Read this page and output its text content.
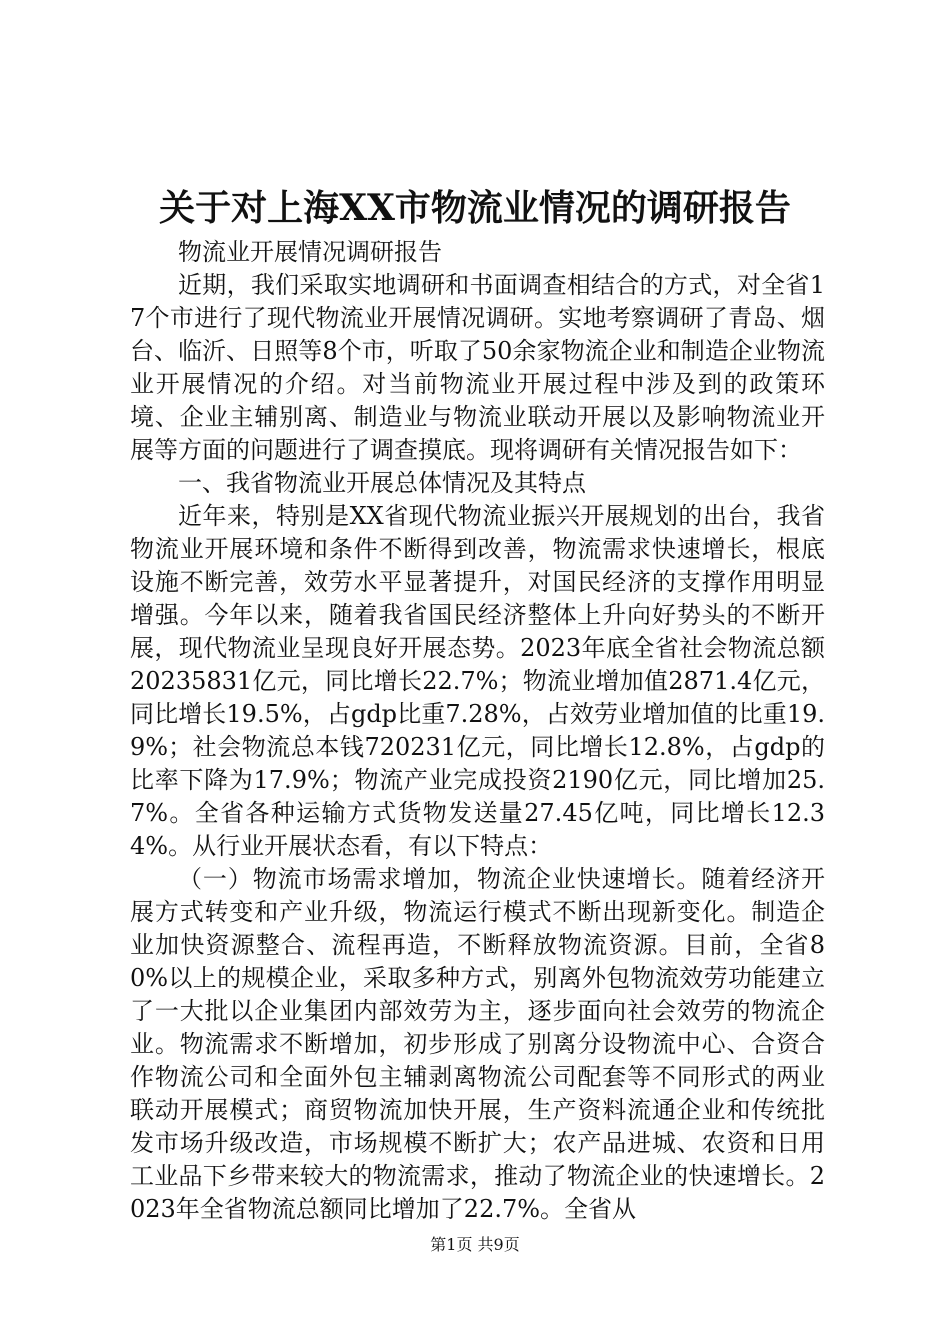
关于对上海XX市物流业情况的调研报告

物流业开展情况调研报告

近期，我们采取实地调研和书面调查相结合的方式，对全省17个市进行了现代物流业开展情况调研。实地考察调研了青岛、烟台、临沂、日照等8个市，听取了50余家物流企业和制造企业物流业开展情况的介绍。对当前物流业开展过程中涉及到的政策环境、企业主辅别离、制造业与物流业联动开展以及影响物流业开展等方面的问题进行了调查摸底。现将调研有关情况报告如下：

一、我省物流业开展总体情况及其特点

近年来，特别是XX省现代物流业振兴开展规划的出台，我省物流业开展环境和条件不断得到改善，物流需求快速增长，根底设施不断完善，效劳水平显著提升，对国民经济的支撑作用明显增强。今年以来，随着我省国民经济整体上升向好势头的不断开展，现代物流业呈现良好开展态势。2023年底全省社会物流总额20235831亿元，同比增长22.7%；物流业增加值2871.4亿元，同比增长19.5%，占gdp比重7.28%，占效劳业增加值的比重19.9%；社会物流总本钱720231亿元，同比增长12.8%，占gdp的比率下降为17.9%；物流产业完成投资2190亿元，同比增加25.7%。全省各种运输方式货物发送量27.45亿吨，同比增长12.34%。从行业开展状态看，有以下特点：

（一）物流市场需求增加，物流企业快速增长。随着经济开展方式转变和产业升级，物流运行模式不断出现新变化。制造企业加快资源整合、流程再造，不断释放物流资源。目前，全省80%以上的规模企业，采取多种方式，别离外包物流效劳功能建立了一大批以企业集团内部效劳为主，逐步面向社会效劳的物流企业。物流需求不断增加，初步形成了别离分设物流中心、合资合作物流公司和全面外包主辅剥离物流公司配套等不同形式的两业联动开展模式；商贸物流加快开展，生产资料流通企业和传统批发市场升级改造，市场规模不断扩大；农产品进城、农资和日用工业品下乡带来较大的物流需求，推动了物流企业的快速增长。2023年全省物流总额同比增加了22.7%。全省从

第1页 共9页
